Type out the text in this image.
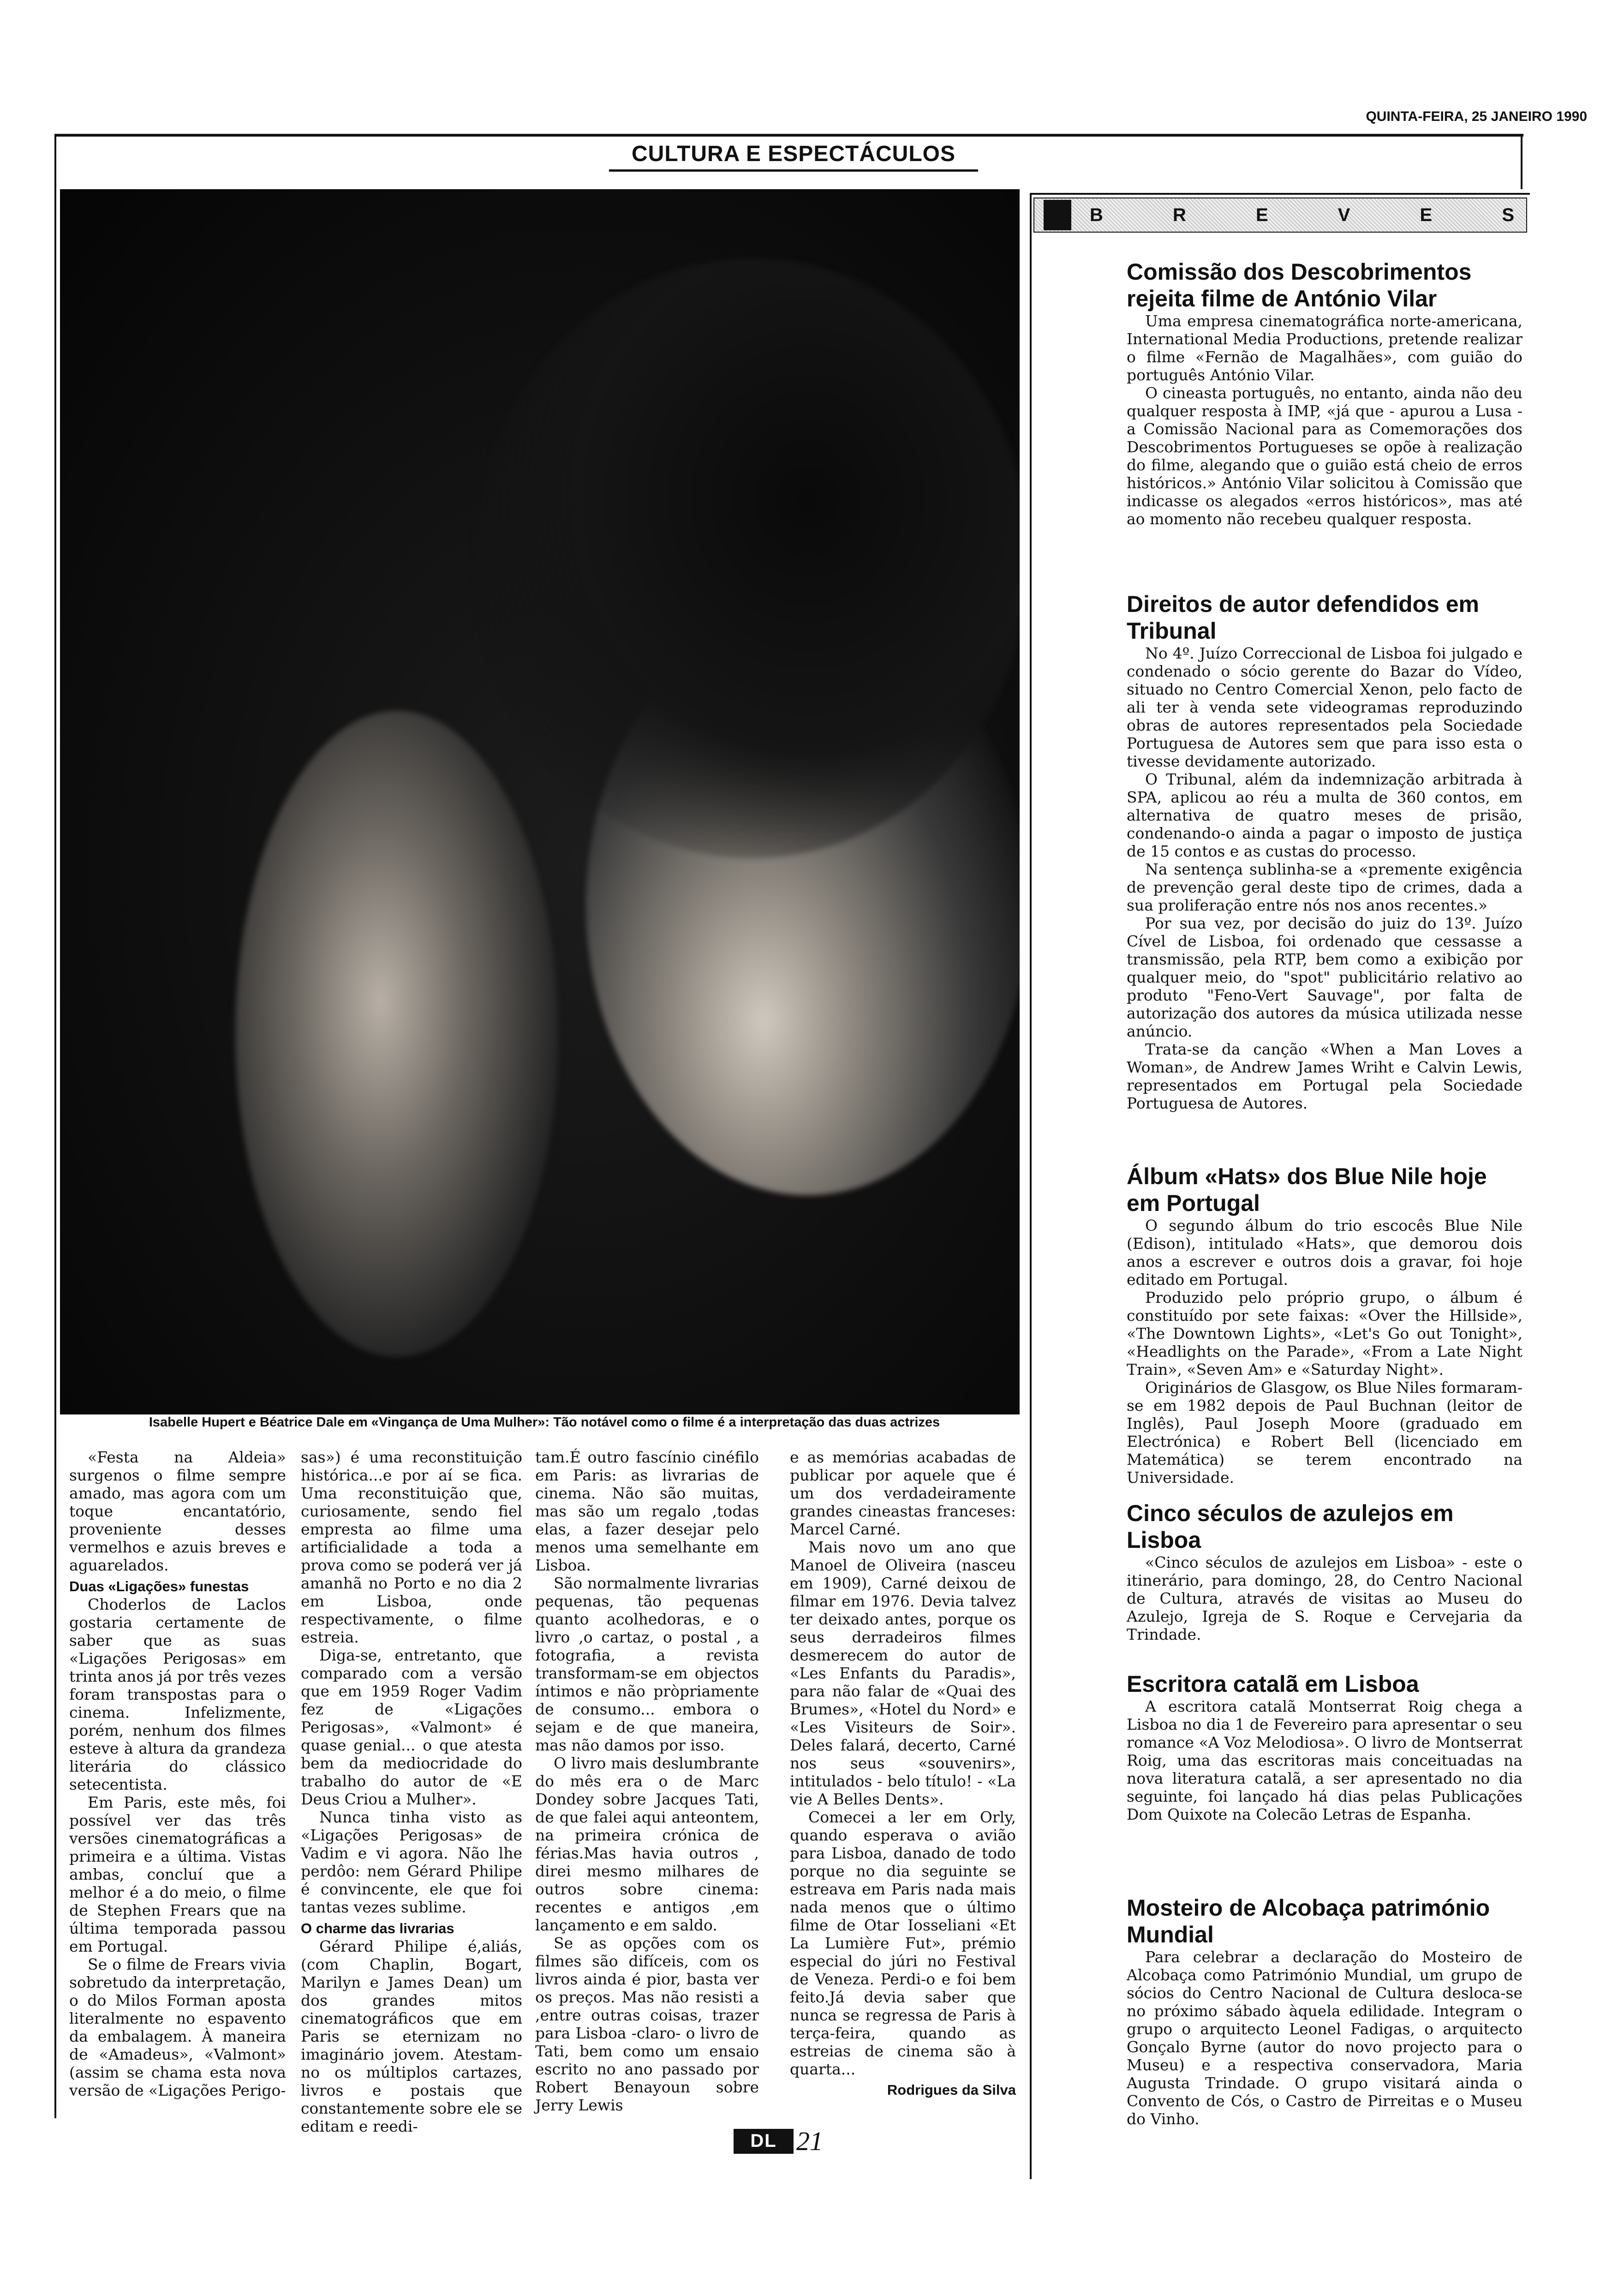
QUINTA-FEIRA, 25 JANEIRO 1990
CULTURA E ESPECTÁCULOS
Isabelle Hupert e Béatrice Dale em «Vingança de Uma Mulher»: Tão notável como o filme é a interpretação das duas actrizes

«Festa na Aldeia» surgenos o filme sempre amado, mas agora com um toque encantatório, proveniente desses vermelhos e azuis breves e aguarelados.

Duas «Ligações» funestas

Choderlos de Laclos gostaria certamente de saber que as suas «Ligações Perigosas» em trinta anos já por três vezes foram transpostas para o cinema. Infelizmente, porém, nenhum dos filmes esteve à altura da grandeza literária do clássico setecentista.

Em Paris, este mês, foi possível ver das três versões cinematográficas a primeira e a última. Vistas ambas, concluí que a melhor é a do meio, o filme de Stephen Frears que na última temporada passou em Portugal.

Se o filme de Frears vivia sobretudo da interpretação, o do Milos Forman aposta literalmente no espavento da embalagem. À maneira de «Amadeus», «Valmont» (assim se chama esta nova versão de «Ligações Perigo-

sas») é uma reconstituição histórica...e por aí se fica. Uma reconstituição que, curiosamente, sendo fiel empresta ao filme uma artificialidade a toda a prova como se poderá ver já amanhã no Porto e no dia 2 em Lisboa, onde respectivamente, o filme estreia.

Diga-se, entretanto, que comparado com a versão que em 1959 Roger Vadim fez de «Ligações Perigosas», «Valmont» é quase genial... o que atesta bem da mediocridade do trabalho do autor de «E Deus Criou a Mulher».

Nunca tinha visto as «Ligações Perigosas» de Vadim e vi agora. Não lhe perdôo: nem Gérard Philipe é convincente, ele que foi tantas vezes sublime.

O charme das livrarias

Gérard Philipe é,aliás, (com Chaplin, Bogart, Marilyn e James Dean) um dos grandes mitos cinematográficos que em Paris se eternizam no imaginário jovem. Atestam-no os múltiplos cartazes, livros e postais que constantemente sobre ele se editam e reedi-

tam.É outro fascínio cinéfilo em Paris: as livrarias de cinema. Não são muitas, mas são um regalo ,todas elas, a fazer desejar pelo menos uma semelhante em Lisboa.

São normalmente livrarias pequenas, tão pequenas quanto acolhedoras, e o livro ,o cartaz, o postal , a fotografia, a revista transformam-se em objectos íntimos e não pròpriamente de consumo... embora o sejam e de que maneira, mas não damos por isso.

O livro mais deslumbrante do mês era o de Marc Dondey sobre Jacques Tati, de que falei aqui anteontem, na primeira crónica de férias.Mas havia outros , direi mesmo milhares de outros sobre cinema: recentes e antigos ,em lançamento e em saldo.

Se as opções com os filmes são difíceis, com os livros ainda é pior, basta ver os preços. Mas não resisti a ,entre outras coisas, trazer para Lisboa -claro- o livro de Tati, bem como um ensaio escrito no ano passado por Robert Benayoun sobre Jerry Lewis

e as memórias acabadas de publicar por aquele que é um dos verdadeiramente grandes cineastas franceses: Marcel Carné.

Mais novo um ano que Manoel de Oliveira (nasceu em 1909), Carné deixou de filmar em 1976. Devia talvez ter deixado antes, porque os seus derradeiros filmes desmerecem do autor de «Les Enfants du Paradis», para não falar de «Quai des Brumes», «Hotel du Nord» e «Les Visiteurs de Soir». Deles falará, decerto, Carné nos seus «souvenirs», intitulados - belo título! - «La vie A Belles Dents».

Comecei a ler em Orly, quando esperava o avião para Lisboa, danado de todo porque no dia seguinte se estreava em Paris nada mais nada menos que o último filme de Otar Iosseliani «Et La Lumière Fut», prémio especial do júri no Festival de Veneza. Perdi-o e foi bem feito.Já devia saber que nunca se regressa de Paris à terça-feira, quando as estreias de cinema são à quarta...

Rodrigues da Silva
B	R	E	V	E	S
Comissão dos Descobrimentos rejeita filme de António Vilar

Uma empresa cinematográfica norte-americana, International Media Productions, pretende realizar o filme «Fernão de Magalhães», com guião do português António Vilar.

O cineasta português, no entanto, ainda não deu qualquer resposta à IMP, «já que - apurou a Lusa - a Comissão Nacional para as Comemorações dos Descobrimentos Portugueses se opõe à realização do filme, alegando que o guião está cheio de erros históricos.» António Vilar solicitou à Comissão que indicasse os alegados «erros históricos», mas até ao momento não recebeu qualquer resposta.

Direitos de autor defendidos em Tribunal

No 4º. Juízo Correccional de Lisboa foi julgado e condenado o sócio gerente do Bazar do Vídeo, situado no Centro Comercial Xenon, pelo facto de ali ter à venda sete videogramas reproduzindo obras de autores representados pela Sociedade Portuguesa de Autores sem que para isso esta o tivesse devidamente autorizado.

O Tribunal, além da indemnização arbitrada à SPA, aplicou ao réu a multa de 360 contos, em alternativa de quatro meses de prisão, condenando-o ainda a pagar o imposto de justiça de 15 contos e as custas do processo.

Na sentença sublinha-se a «premente exigência de prevenção geral deste tipo de crimes, dada a sua proliferação entre nós nos anos recentes.»

Por sua vez, por decisão do juiz do 13º. Juízo Cível de Lisboa, foi ordenado que cessasse a transmissão, pela RTP, bem como a exibição por qualquer meio, do "spot" publicitário relativo ao produto "Feno-Vert Sauvage", por falta de autorização dos autores da música utilizada nesse anúncio.

Trata-se da canção «When a Man Loves a Woman», de Andrew James Wriht e Calvin Lewis, representados em Portugal pela Sociedade Portuguesa de Autores.

Álbum «Hats» dos Blue Nile hoje em Portugal

O segundo álbum do trio escocês Blue Nile (Edison), intitulado «Hats», que demorou dois anos a escrever e outros dois a gravar, foi hoje editado em Portugal.

Produzido pelo próprio grupo, o álbum é constituído por sete faixas: «Over the Hillside», «The Downtown Lights», «Let's Go out Tonight», «Headlights on the Parade», «From a Late Night Train», «Seven Am» e «Saturday Night».

Originários de Glasgow, os Blue Niles formaram-se em 1982 depois de Paul Buchnan (leitor de Inglês), Paul Joseph Moore (graduado em Electrónica) e Robert Bell (licenciado em Matemática) se terem encontrado na Universidade.

Cinco séculos de azulejos em Lisboa

«Cinco séculos de azulejos em Lisboa» - este o itinerário, para domingo, 28, do Centro Nacional de Cultura, através de visitas ao Museu do Azulejo, Igreja de S. Roque e Cervejaria da Trindade.

Escritora catalã em Lisboa

A escritora catalã Montserrat Roig chega a Lisboa no dia 1 de Fevereiro para apresentar o seu romance «A Voz Melodiosa». O livro de Montserrat Roig, uma das escritoras mais conceituadas na nova literatura catalã, a ser apresentado no dia seguinte, foi lançado há dias pelas Publicações Dom Quixote na Colecão Letras de Espanha.

Mosteiro de Alcobaça património Mundial

Para celebrar a declaração do Mosteiro de Alcobaça como Património Mundial, um grupo de sócios do Centro Nacional de Cultura desloca-se no próximo sábado àquela edilidade. Integram o grupo o arquitecto Leonel Fadigas, o arquitecto Gonçalo Byrne (autor do novo projecto para o Museu) e a respectiva conservadora, Maria Augusta Trindade. O grupo visitará ainda o Convento de Cós, o Castro de Pirreitas e o Museu do Vinho.

DL 21
